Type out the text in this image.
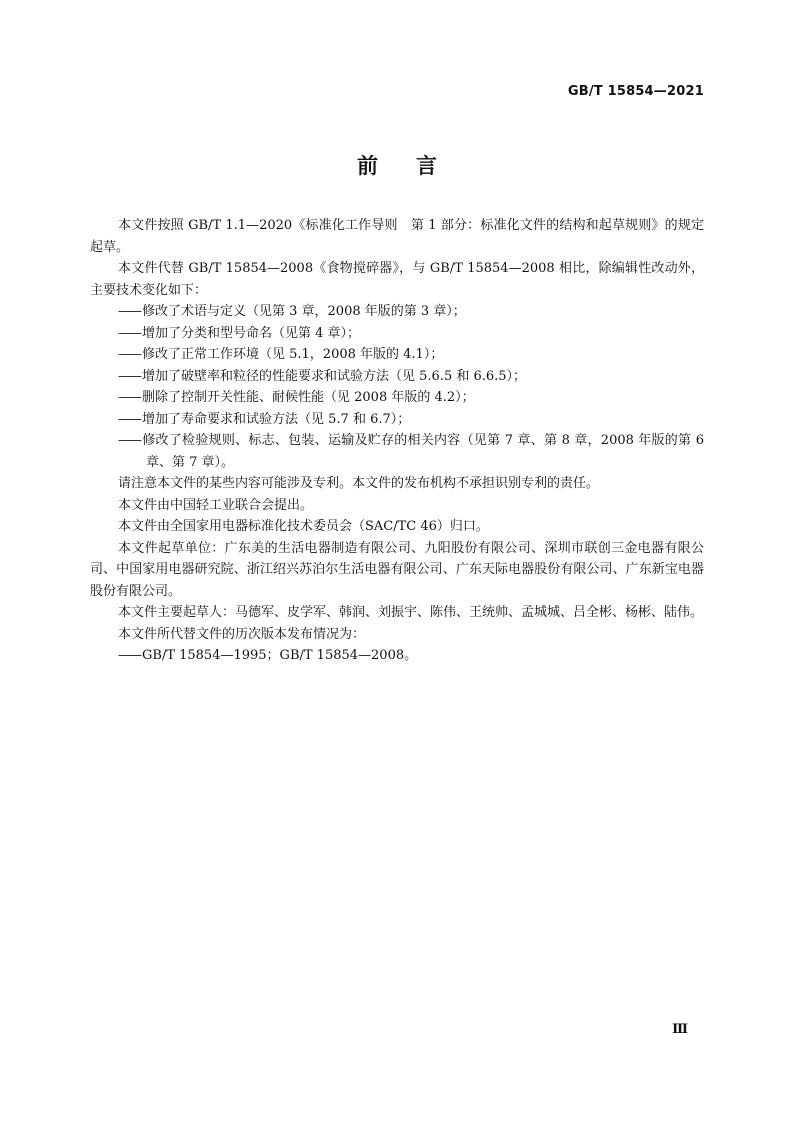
GB/T 15854—2021
前言

本文件按照 GB/T 1.1—2020《标准化工作导则　第 1 部分：标准化文件的结构和起草规则》的规定起草。

本文件代替 GB/T 15854—2008《食物搅碎器》，与 GB/T 15854—2008 相比，除编辑性改动外，主要技术变化如下：

—— 修改了术语与定义（见第 3 章，2008 年版的第 3 章）；

—— 增加了分类和型号命名（见第 4 章）；

—— 修改了正常工作环境（见 5.1，2008 年版的 4.1）；

—— 增加了破壁率和粒径的性能要求和试验方法（见 5.6.5 和 6.6.5）；

—— 删除了控制开关性能、耐候性能（见 2008 年版的 4.2）；

—— 增加了寿命要求和试验方法（见 5.7 和 6.7）；

—— 修改了检验规则、标志、包装、运输及贮存的相关内容（见第 7 章、第 8 章，2008 年版的第 6 章、第 7 章）。

请注意本文件的某些内容可能涉及专利。本文件的发布机构不承担识别专利的责任。

本文件由中国轻工业联合会提出。

本文件由全国家用电器标准化技术委员会（SAC/TC 46）归口。

本文件起草单位：广东美的生活电器制造有限公司、九阳股份有限公司、深圳市联创三金电器有限公司、中国家用电器研究院、浙江绍兴苏泊尔生活电器有限公司、广东天际电器股份有限公司、广东新宝电器股份有限公司。

本文件主要起草人：马德军、皮学军、韩润、刘振宇、陈伟、王统帅、孟城城、吕全彬、杨彬、陆伟。

本文件所代替文件的历次版本发布情况为：

—— GB/T 15854—1995；GB/T 15854—2008。

Ⅲ
